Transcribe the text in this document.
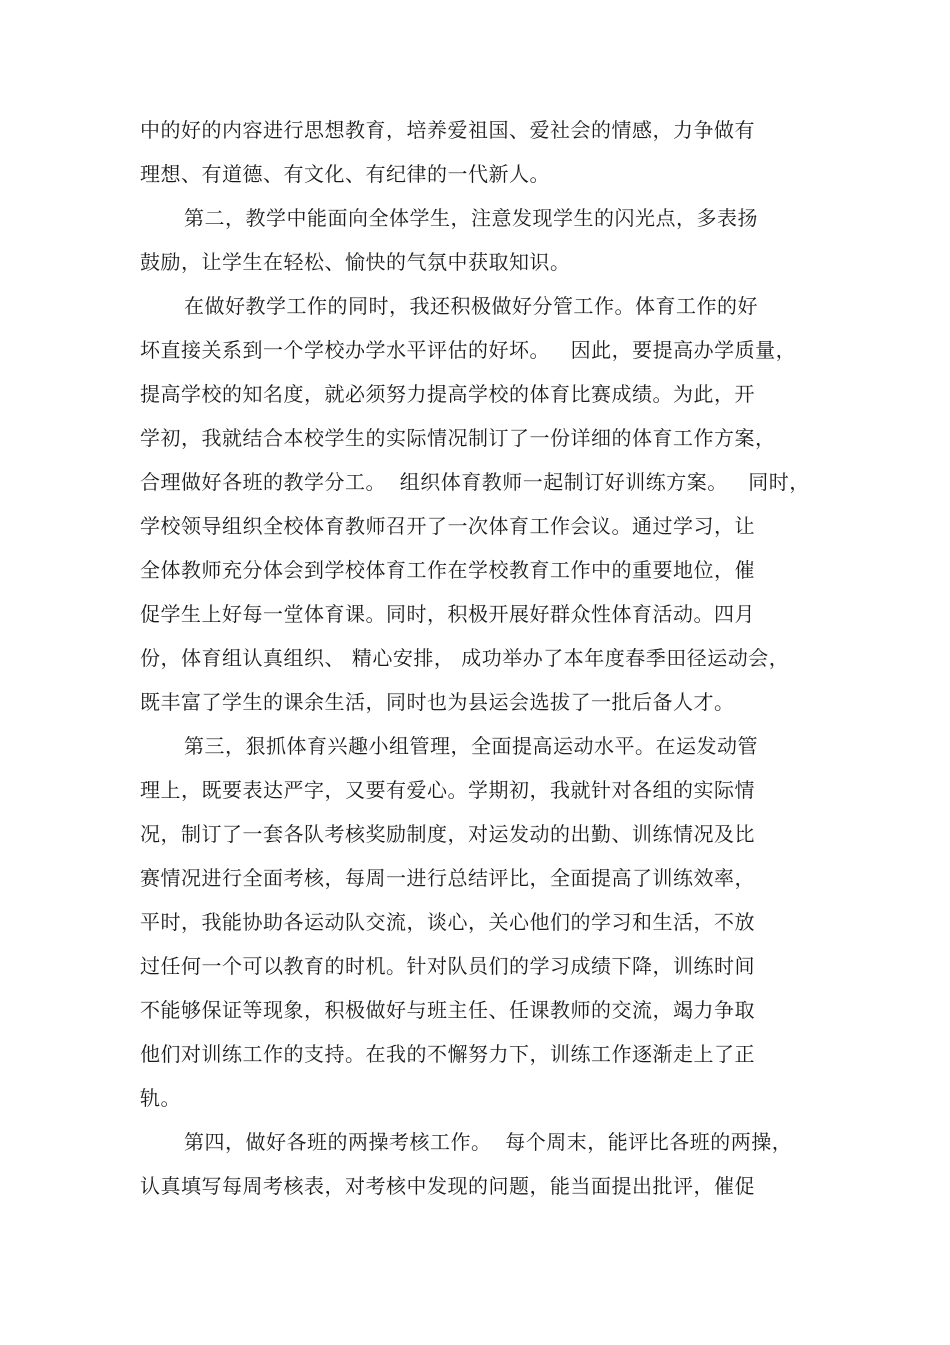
中的好的内容进行思想教育，培养爱祖国、爱社会的情感，力争做有

理想、有道德、有文化、有纪律的一代新人。

第二，教学中能面向全体学生，注意发现学生的闪光点，多表扬

鼓励，让学生在轻松、愉快的气氛中获取知识。

在做好教学工作的同时，我还积极做好分管工作。体育工作的好

坏直接关系到一个学校办学水平评估的好坏。   因此，要提高办学质量，

提高学校的知名度，就必须努力提高学校的体育比赛成绩。为此，开

学初，我就结合本校学生的实际情况制订了一份详细的体育工作方案，

合理做好各班的教学分工。  组织体育教师一起制订好训练方案。   同时，

学校领导组织全校体育教师召开了一次体育工作会议。通过学习，让

全体教师充分体会到学校体育工作在学校教育工作中的重要地位，催

促学生上好每一堂体育课。同时，积极开展好群众性体育活动。四月

份，体育组认真组织、 精心安排， 成功举办了本年度春季田径运动会，

既丰富了学生的课余生活，同时也为县运会选拔了一批后备人才。

第三，狠抓体育兴趣小组管理，全面提高运动水平。在运发动管

理上，既要表达严字，又要有爱心。学期初，我就针对各组的实际情

况，制订了一套各队考核奖励制度，对运发动的出勤、训练情况及比

赛情况进行全面考核，每周一进行总结评比，全面提高了训练效率，

平时，我能协助各运动队交流，谈心，关心他们的学习和生活，不放

过任何一个可以教育的时机。针对队员们的学习成绩下降，训练时间

不能够保证等现象，积极做好与班主任、任课教师的交流，竭力争取

他们对训练工作的支持。在我的不懈努力下，训练工作逐渐走上了正

轨。

第四，做好各班的两操考核工作。  每个周末，能评比各班的两操，

认真填写每周考核表，对考核中发现的问题，能当面提出批评，催促
